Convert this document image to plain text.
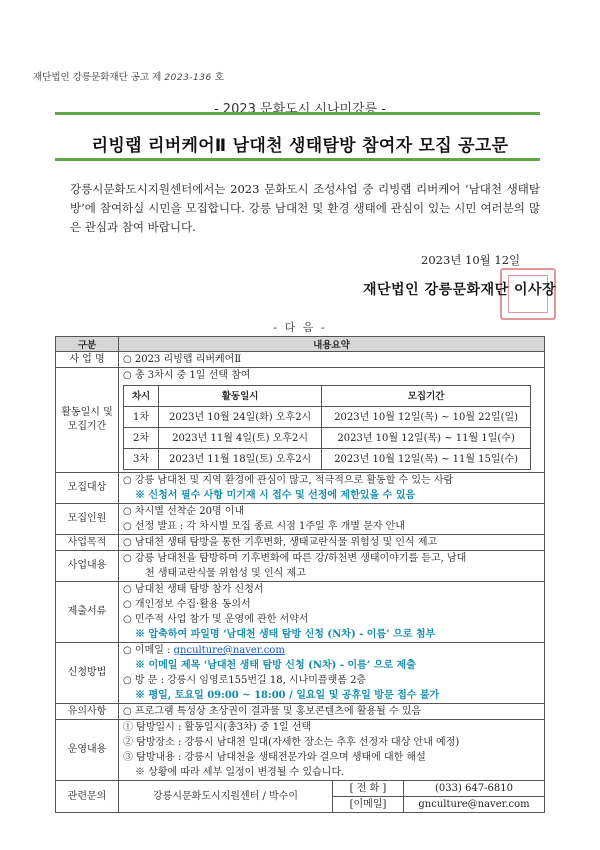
재단법인 강릉문화재단 공고 제 2023-136 호
- 2023 문화도시 시나미강릉 -
리빙랩 리버케어Ⅱ 남대천 생태탐방 참여자 모집 공고문

강릉시문화도시지원센터에서는 2023 문화도시 조성사업 중 리빙랩 리버케어 ‘남대천 생태탐방’에 참여하실 시민을 모집합니다. 강릉 남대천 및 환경 생태에 관심이 있는 시민 여러분의 많은 관심과 참여 바랍니다.

2023년 10월 12일
재단법인 강릉문화재단 이사장
- 다 음 -
구분	내용요약
사 업 명	○ 2023 리빙랩 리버케어Ⅱ
활동일시 및 모집기간	
○ 총 3차시 중 1일 선택 참여
차시	활동일시	모집기간
1차	2023년 10월 24일(화) 오후2시	2023년 10월 12일(목) ~ 10월 22일(일)
2차	2023년 11월 4일(토) 오후2시	2023년 10월 12일(목) ~ 11월 1일(수)
3차	2023년 11월 18일(토) 오후2시	2023년 10월 12일(목) ~ 11월 15일(수)

모집대상	
○ 강릉 남대천 및 지역 환경에 관심이 많고, 적극적으로 활동할 수 있는 사람
※ 신청서 필수 사항 미기재 시 접수 및 선정에 제한있을 수 있음

모집인원	
○ 차시별 선착순 20명 이내
○ 선정 발표 : 각 차시별 모집 종료 시점 1주일 후 개별 문자 안내

사업목적	○ 남대천 생태 탐방을 통한 기후변화, 생태교란식물 위험성 및 인식 제고
사업내용	
○ 강릉 남대천을 탐방하며 기후변화에 따른 강/하천변 생태이야기를 듣고, 남대
천 생태교란식물 위험성 및 인식 제고

제출서류	
○ 남대천 생태 탐방 참가 신청서
○ 개인정보 수집·활용 동의서
○ 민주적 사업 참가 및 운영에 관한 서약서
※ 압축하여 파일명 ‘남대천 생태 탐방 신청 (N차) - 이름’ 으로 첨부

신청방법	
○ 이메일 : gnculture@naver.com
※ 이메일 제목 ‘남대천 생태 탐방 신청 (N차) - 이름’ 으로 제출
○ 방 문 : 강릉시 임영로155번길 18, 시나미플랫폼 2층
※ 평일, 토요일 09:00 ~ 18:00 / 일요일 및 공휴일 방문 접수 불가

유의사항	○ 프로그램 특성상 초상권이 결과물 및 홍보콘텐츠에 활용될 수 있음
운영내용	
① 탐방일시 : 활동일시(총3차) 중 1일 선택
② 탐방장소 : 강릉시 남대천 일대(자세한 장소는 추후 선정자 대상 안내 예정)
③ 탐방내용 : 강릉시 남대천을 생태전문가와 걸으며 생태에 대한 해설
※ 상황에 따라 세부 일정이 변경될 수 있습니다.

관련문의		강릉시문화도시지원센터 / 박수이	[ 전 화 ]	(033) 647-6810
[이메일]	gnculture@naver.com
